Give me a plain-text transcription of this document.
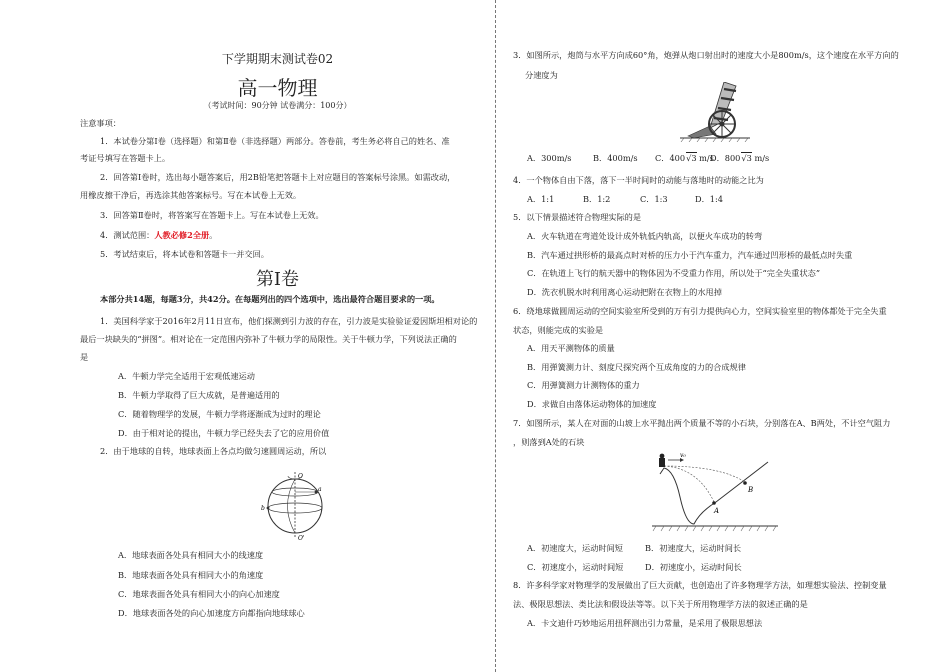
下学期期末测试卷02
高一物理
（考试时间：90分钟 试卷满分：100分）
注意事项：
1．本试卷分第Ⅰ卷（选择题）和第Ⅱ卷（非选择题）两部分。答卷前，考生务必将自己的姓名、准
考证号填写在答题卡上。
2．回答第Ⅰ卷时，选出每小题答案后，用2B铅笔把答题卡上对应题目的答案标号涂黑。如需改动，
用橡皮擦干净后，再选涂其他答案标号。写在本试卷上无效。
3．回答第Ⅱ卷时，将答案写在答题卡上。写在本试卷上无效。
4．测试范围：人教必修2全册。
5．考试结束后，将本试卷和答题卡一并交回。
第Ⅰ卷
本部分共14题，每题3分，共42分。在每题列出的四个选项中，选出最符合题目要求的一项。
1．美国科学家于2016年2月11日宣布，他们探测到引力波的存在，引力波是实验验证爱因斯坦相对论的
最后一块缺失的“拼图”。相对论在一定范围内弥补了牛顿力学的局限性。关于牛顿力学，下列说法正确的
是
A．牛顿力学完全适用于宏观低速运动
B．牛顿力学取得了巨大成就，是普遍适用的
C．随着物理学的发展，牛顿力学将逐渐成为过时的理论
D．由于相对论的提出，牛顿力学已经失去了它的应用价值
2．由于地球的自转，地球表面上各点均做匀速圆周运动，所以
O
O'
a
b
A．地球表面各处具有相同大小的线速度
B．地球表面各处具有相同大小的角速度
C．地球表面各处具有相同大小的向心加速度
D．地球表面各处的向心加速度方向都指向地球球心
3．如图所示，炮筒与水平方向成60°角，炮弹从炮口射出时的速度大小是800m/s，这个速度在水平方向的
分速度为
A．300m/s	B．400m/s C．400√3 m/s
D．800√3 m/s
4．一个物体自由下落，落下一半时间时的动能与落地时的动能之比为
A．1:1	B．1:2	C．1:3	D．1:4
5．以下情景描述符合物理实际的是
A．火车轨道在弯道处设计成外轨低内轨高，以便火车成功的转弯
B．汽车通过拱形桥的最高点时对桥的压力小于汽车重力，汽车通过凹形桥的最低点时失重
C．在轨道上飞行的航天器中的物体因为不受重力作用，所以处于“完全失重状态”
D．洗衣机脱水时利用离心运动把附在衣物上的水甩掉
6．绕地球做圆周运动的空间实验室所受到的万有引力提供向心力，空间实验室里的物体都处于完全失重
状态，则能完成的实验是
A．用天平测物体的质量
B．用弹簧测力计、刻度尺探究两个互成角度的力的合成规律
C．用弹簧测力计测物体的重力
D．求做自由落体运动物体的加速度
7．如图所示，某人在对面的山坡上水平抛出两个质量不等的小石块，分别落在A、B两处，不计空气阻力
，则落到A处的石块
v₀
A
B
A．初速度大，运动时间短	B．初速度大，运动时间长
C．初速度小，运动时间短	D．初速度小，运动时间长
8．许多科学家对物理学的发展做出了巨大贡献，也创造出了许多物理学方法，如理想实验法、控制变量
法、极限思想法、类比法和假设法等等。以下关于所用物理学方法的叙述正确的是
A．卡文迪什巧妙地运用扭秤测出引力常量，是采用了极限思想法
